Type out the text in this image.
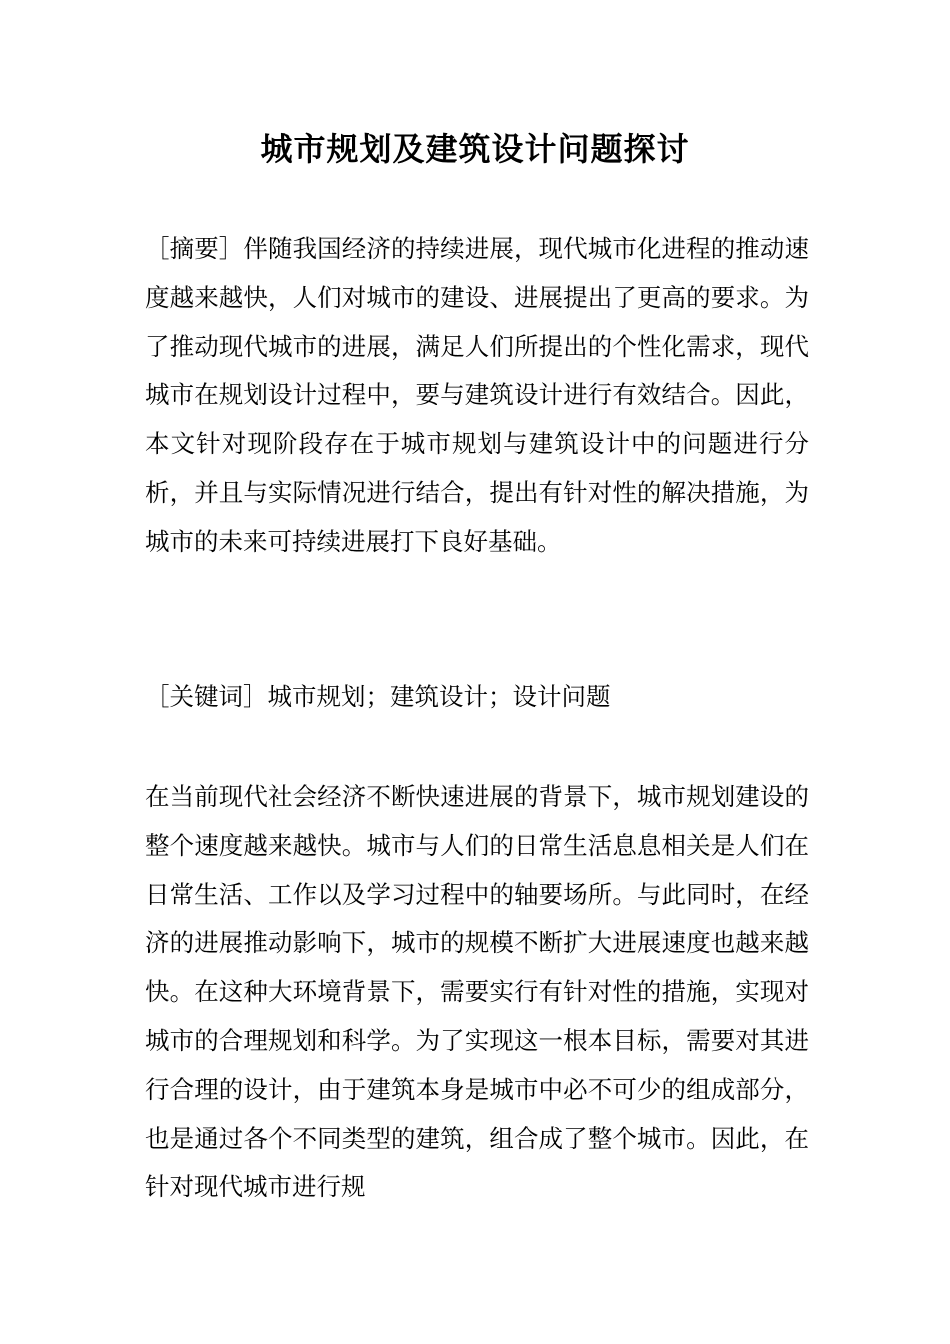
城市规划及建筑设计问题探讨
［摘要］伴随我国经济的持续进展，现代城市化进程的推动速度越来越快，人们对城市的建设、进展提出了更高的要求。为了推动现代城市的进展，满足人们所提出的个性化需求，现代城市在规划设计过程中，要与建筑设计进行有效结合。因此，本文针对现阶段存在于城市规划与建筑设计中的问题进行分析，并且与实际情况进行结合，提出有针对性的解决措施，为城市的未来可持续进展打下良好基础。
［关键词］城市规划；建筑设计；设计问题
在当前现代社会经济不断快速进展的背景下，城市规划建设的整个速度越来越快。城市与人们的日常生活息息相关是人们在日常生活、工作以及学习过程中的轴要场所。与此同时，在经济的进展推动影响下，城市的规模不断扩大进展速度也越来越快。在这种大环境背景下，需要实行有针对性的措施，实现对城市的合理规划和科学。为了实现这一根本目标，需要对其进行合理的设计，由于建筑本身是城市中必不可少的组成部分，也是通过各个不同类型的建筑，组合成了整个城市。因此，在针对现代城市进行规
